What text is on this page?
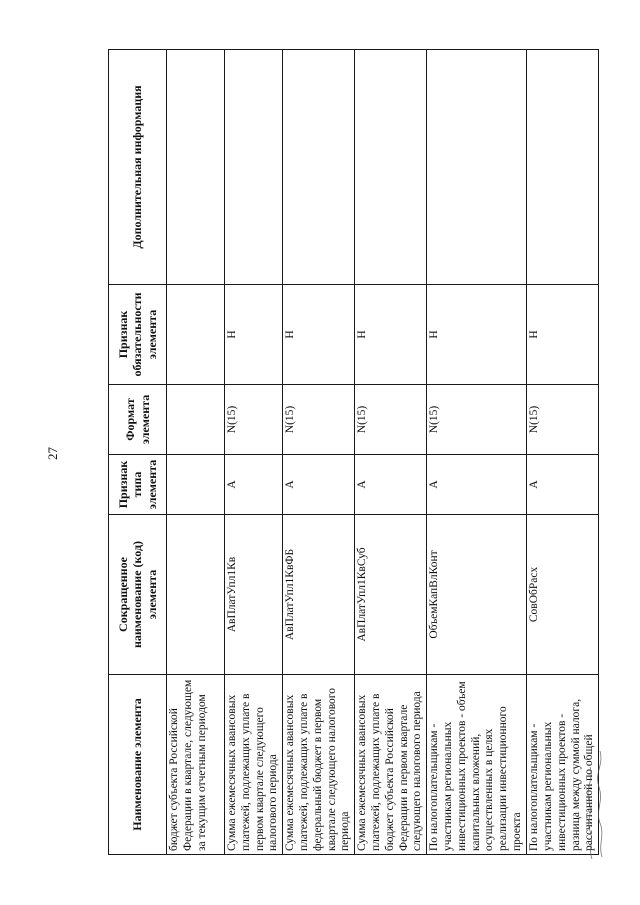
27
Наименование элемента	Сокращенное наименование (код) элемента	Признак типа элемента	Формат элемента	Признак обязательности элемента	Дополнительная информация
бюджет субъекта Российской Федерации в квартале, следующем за текущим отчетным периодом					
Сумма ежемесячных авансовых платежей, подлежащих уплате в первом квартале следующего налогового периода	АвПлатУпл1Кв	А	N(15)	Н	
Сумма ежемесячных авансовых платежей, подлежащих уплате в федеральный бюджет в первом квартале следующего налогового периода	АвПлатУпл1КвФБ	А	N(15)	Н	
Сумма ежемесячных авансовых платежей, подлежащих уплате в бюджет субъекта Российской Федерации в первом квартале следующего налогового периода	АвПлатУпл1КвСуб	А	N(15)	Н	
По налогоплательщикам - участникам региональных инвестиционных проектов - объем капитальных вложений, осуществленных в целях реализации инвестиционного проекта	ОбъемКапВлКонт	А	N(15)	Н	
По налогоплательщикам - участникам региональных инвестиционных проектов - разница между суммой налога, рассчитанной по общей	СовОбРасх	А	N(15)	Н	
